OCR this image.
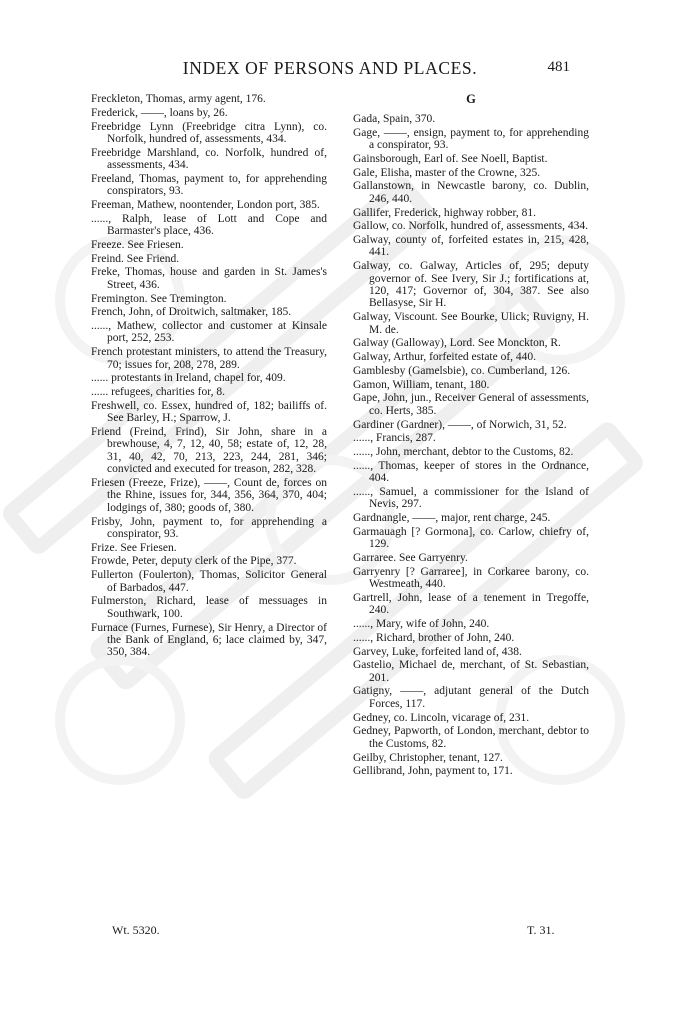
INDEX OF PERSONS AND PLACES.	481
Freckleton, Thomas, army agent, 176.
Frederick, ——, loans by, 26.
Freebridge Lynn (Freebridge citra Lynn), co. Norfolk, hundred of, assessments, 434.
Freebridge Marshland, co. Norfolk, hundred of, assessments, 434.
Freeland, Thomas, payment to, for apprehending conspirators, 93.
Freeman, Mathew, noontender, London port, 385.
......, Ralph, lease of Lott and Cope and Barmaster's place, 436.
Freeze. See Friesen.
Freind. See Friend.
Freke, Thomas, house and garden in St. James's Street, 436.
Fremington. See Tremington.
French, John, of Droitwich, saltmaker, 185.
......, Mathew, collector and customer at Kinsale port, 252, 253.
French protestant ministers, to attend the Treasury, 70; issues for, 208, 278, 289.
...... protestants in Ireland, chapel for, 409.
...... refugees, charities for, 8.
Freshwell, co. Essex, hundred of, 182; bailiffs of. See Barley, H.; Sparrow, J.
Friend (Freind, Frind), Sir John, share in a brewhouse, 4, 7, 12, 40, 58; estate of, 12, 28, 31, 40, 42, 70, 213, 223, 244, 281, 346; convicted and executed for treason, 282, 328.
Friesen (Freeze, Frize), ——, Count de, forces on the Rhine, issues for, 344, 356, 364, 370, 404; lodgings of, 380; goods of, 380.
Frisby, John, payment to, for apprehending a conspirator, 93.
Frize. See Friesen.
Frowde, Peter, deputy clerk of the Pipe, 377.
Fullerton (Foulerton), Thomas, Solicitor General of Barbados, 447.
Fulmerston, Richard, lease of messuages in Southwark, 100.
Furnace (Furnes, Furnese), Sir Henry, a Director of the Bank of England, 6; lace claimed by, 347, 350, 384.
G
Gada, Spain, 370.
Gage, ——, ensign, payment to, for apprehending a conspirator, 93.
Gainsborough, Earl of. See Noell, Baptist.
Gale, Elisha, master of the Crowne, 325.
Gallanstown, in Newcastle barony, co. Dublin, 246, 440.
Gallifer, Frederick, highway robber, 81.
Gallow, co. Norfolk, hundred of, assessments, 434.
Galway, county of, forfeited estates in, 215, 428, 441.
Galway, co. Galway, Articles of, 295; deputy governor of. See Ivery, Sir J.; fortifications at, 120, 417; Governor of, 304, 387. See also Bellasyse, Sir H.
Galway, Viscount. See Bourke, Ulick; Ruvigny, H. M. de.
Galway (Galloway), Lord. See Monckton, R.
Galway, Arthur, forfeited estate of, 440.
Gamblesby (Gamelsbie), co. Cumberland, 126.
Gamon, William, tenant, 180.
Gape, John, jun., Receiver General of assessments, co. Herts, 385.
Gardiner (Gardner), ——, of Norwich, 31, 52.
......, Francis, 287.
......, John, merchant, debtor to the Customs, 82.
......, Thomas, keeper of stores in the Ordnance, 404.
......, Samuel, a commissioner for the Island of Nevis, 297.
Gardnangle, ——, major, rent charge, 245.
Garmauagh [? Gormona], co. Carlow, chiefry of, 129.
Garraree. See Garryenry.
Garryenry [? Garraree], in Corkaree barony, co. Westmeath, 440.
Gartrell, John, lease of a tenement in Tregoffe, 240.
......, Mary, wife of John, 240.
......, Richard, brother of John, 240.
Garvey, Luke, forfeited land of, 438.
Gastelio, Michael de, merchant, of St. Sebastian, 201.
Gatigny, ——, adjutant general of the Dutch Forces, 117.
Gedney, co. Lincoln, vicarage of, 231.
Gedney, Papworth, of London, merchant, debtor to the Customs, 82.
Geilby, Christopher, tenant, 127.
Gellibrand, John, payment to, 171.
Wt. 5320.	T. 31.
